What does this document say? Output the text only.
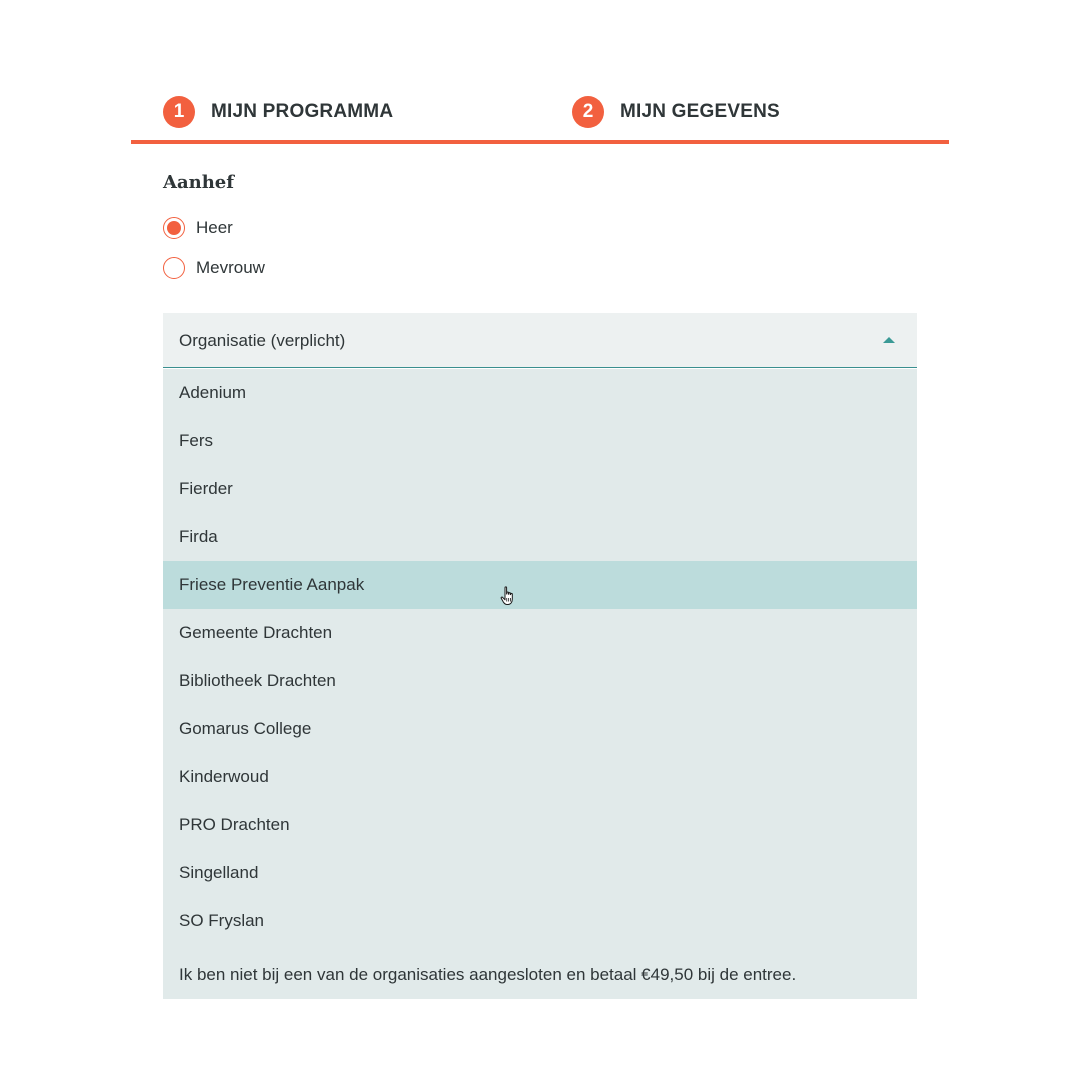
1	MIJN PROGRAMMA	2	MIJN GEGEVENS
Aanhef
Heer
Mevrouw
Organisatie (verplicht)
Adenium
Fers
Fierder
Firda
Friese Preventie Aanpak
Gemeente Drachten
Bibliotheek Drachten
Gomarus College
Kinderwoud
PRO Drachten
Singelland
SO Fryslan
Ik ben niet bij een van de organisaties aangesloten en betaal €49,50 bij de entree.
